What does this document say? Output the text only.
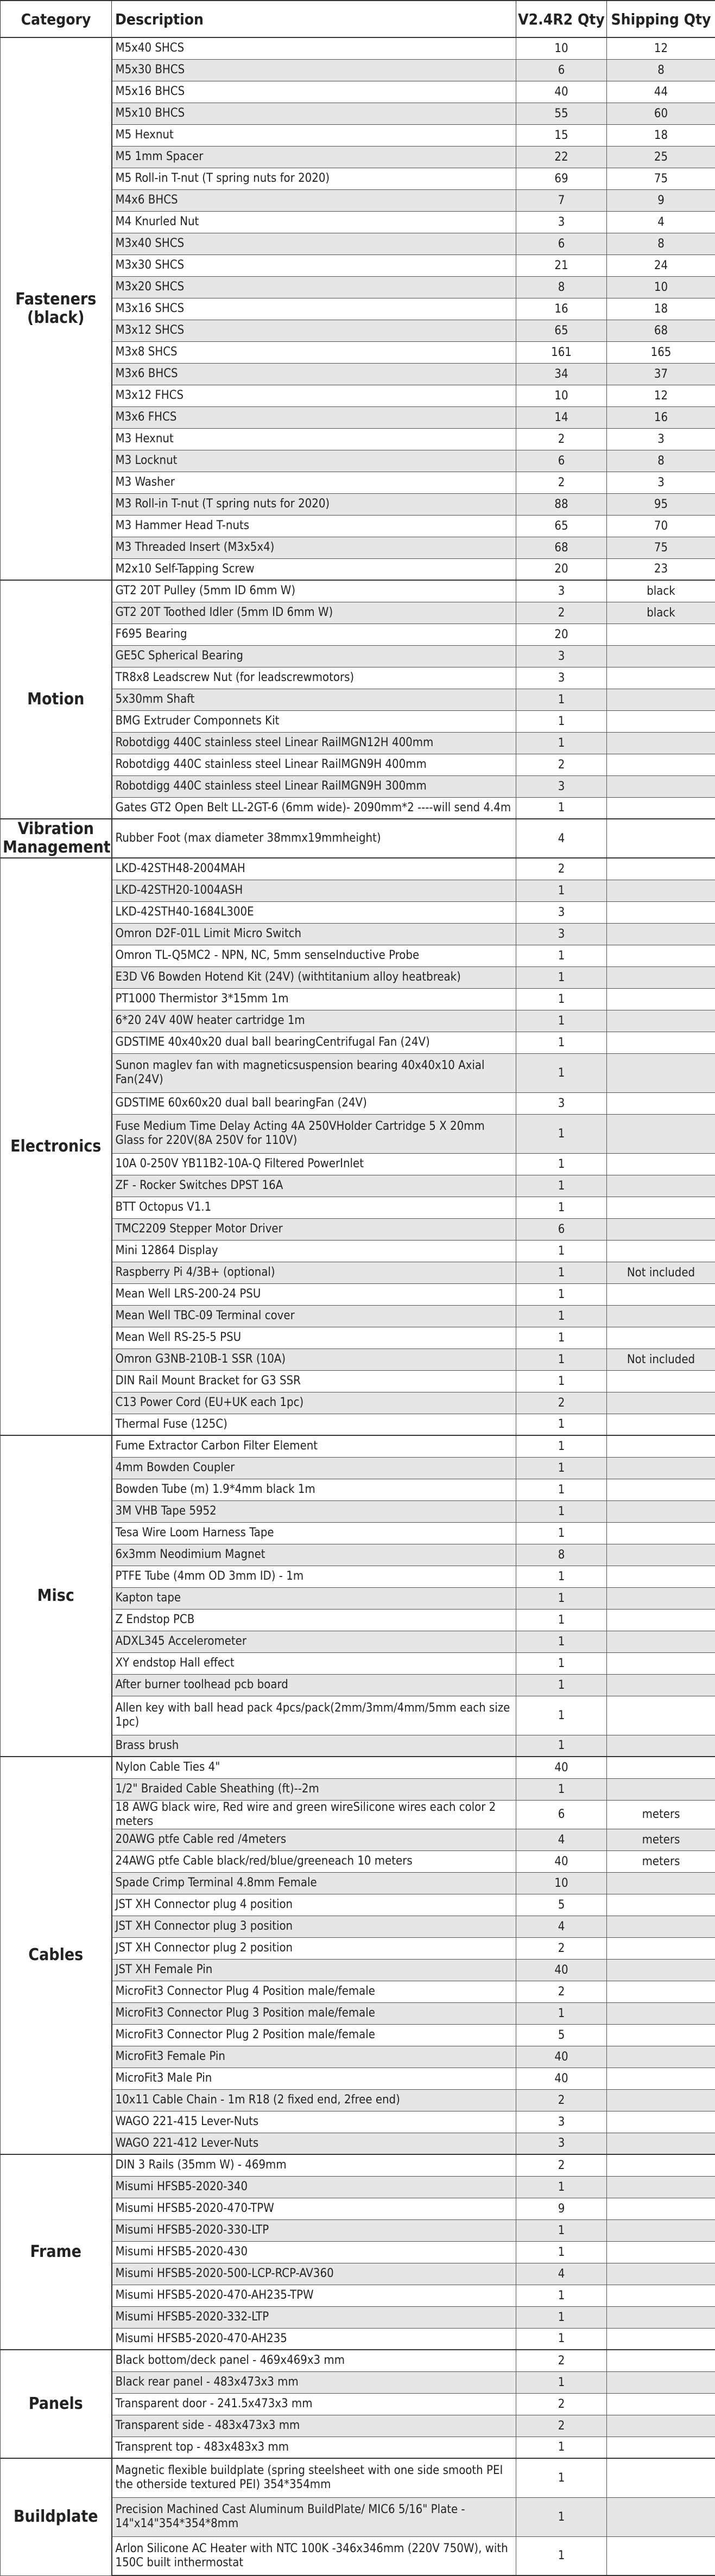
Category	Description	V2.4R2 Qty	Shipping Qty
Fasteners (black)	M5x40 SHCS	10	12
	M5x30 BHCS	6	8
	M5x16 BHCS	40	44
	M5x10 BHCS	55	60
	M5 Hexnut	15	18
	M5 1mm Spacer	22	25
	M5 Roll-in T-nut (T spring nuts for 2020)	69	75
	M4x6 BHCS	7	9
	M4 Knurled Nut	3	4
	M3x40 SHCS	6	8
	M3x30 SHCS	21	24
	M3x20 SHCS	8	10
	M3x16 SHCS	16	18
	M3x12 SHCS	65	68
	M3x8 SHCS	161	165
	M3x6 BHCS	34	37
	M3x12 FHCS	10	12
	M3x6 FHCS	14	16
	M3 Hexnut	2	3
	M3 Locknut	6	8
	M3 Washer	2	3
	M3 Roll-in T-nut (T spring nuts for 2020)	88	95
	M3 Hammer Head T-nuts	65	70
	M3 Threaded Insert (M3x5x4)	68	75
	M2x10 Self-Tapping Screw	20	23
Motion	GT2 20T Pulley (5mm ID 6mm W)	3	black
	GT2 20T Toothed Idler (5mm ID 6mm W)	2	black
	F695 Bearing	20	
	GE5C Spherical Bearing	3	
	TR8x8 Leadscrew Nut (for leadscrewmotors)	3	
	5x30mm Shaft	1	
	BMG Extruder Componnets Kit	1	
	Robotdigg 440C stainless steel Linear RailMGN12H 400mm	1	
	Robotdigg 440C stainless steel Linear RailMGN9H 400mm	2	
	Robotdigg 440C stainless steel Linear RailMGN9H 300mm	3	
	Gates GT2 Open Belt LL-2GT-6 (6mm wide)- 2090mm*2 ----will send 4.4m	1	
Vibration Management	Rubber Foot (max diameter 38mmx19mmheight)	4	
Electronics	LKD-42STH48-2004MAH	2	
	LKD-42STH20-1004ASH	1	
	LKD-42STH40-1684L300E	3	
	Omron D2F-01L Limit Micro Switch	3	
	Omron TL-Q5MC2 - NPN, NC, 5mm senseInductive Probe	1	
	E3D V6 Bowden Hotend Kit (24V) (withtitanium alloy heatbreak)	1	
	PT1000 Thermistor 3*15mm 1m	1	
	6*20 24V 40W heater cartridge 1m	1	
	GDSTIME 40x40x20 dual ball bearingCentrifugal Fan (24V)	1	
	Sunon maglev fan with magneticsuspension bearing 40x40x10 Axial Fan(24V)	1	
	GDSTIME 60x60x20 dual ball bearingFan (24V)	3	
	Fuse Medium Time Delay Acting 4A 250VHolder Cartridge 5 X 20mm Glass for 220V(8A 250V for 110V)	1	
	10A 0-250V YB11B2-10A-Q Filtered PowerInlet	1	
	ZF - Rocker Switches DPST 16A	1	
	BTT Octopus V1.1	1	
	TMC2209 Stepper Motor Driver	6	
	Mini 12864 Display	1	
	Raspberry Pi 4/3B+ (optional)	1	Not included
	Mean Well LRS-200-24 PSU	1	
	Mean Well TBC-09 Terminal cover	1	
	Mean Well RS-25-5 PSU	1	
	Omron G3NB-210B-1 SSR (10A)	1	Not included
	DIN Rail Mount Bracket for G3 SSR	1	
	C13 Power Cord (EU+UK each 1pc)	2	
	Thermal Fuse (125C)	1	
Misc	Fume Extractor Carbon Filter Element	1	
	4mm Bowden Coupler	1	
	Bowden Tube (m) 1.9*4mm black 1m	1	
	3M VHB Tape 5952	1	
	Tesa Wire Loom Harness Tape	1	
	6x3mm Neodimium Magnet	8	
	PTFE Tube (4mm OD 3mm ID) - 1m	1	
	Kapton tape	1	
	Z Endstop PCB	1	
	ADXL345 Accelerometer	1	
	XY endstop Hall effect	1	
	After burner toolhead pcb board	1	
	Allen key with ball head pack 4pcs/pack(2mm/3mm/4mm/5mm each size 1pc)	1	
	Brass brush	1	
Cables	Nylon Cable Ties 4"	40	
	1/2" Braided Cable Sheathing (ft)--2m	1	
	18 AWG black wire, Red wire and green wireSilicone wires each color 2 meters	6	meters
	20AWG ptfe Cable red /4meters	4	meters
	24AWG ptfe Cable black/red/blue/greeneach 10 meters	40	meters
	Spade Crimp Terminal 4.8mm Female	10	
	JST XH Connector plug 4 position	5	
	JST XH Connector plug 3 position	4	
	JST XH Connector plug 2 position	2	
	JST XH Female Pin	40	
	MicroFit3 Connector Plug 4 Position male/female	2	
	MicroFit3 Connector Plug 3 Position male/female	1	
	MicroFit3 Connector Plug 2 Position male/female	5	
	MicroFit3 Female Pin	40	
	MicroFit3 Male Pin	40	
	10x11 Cable Chain - 1m R18 (2 fixed end, 2free end)	2	
	WAGO 221-415 Lever-Nuts	3	
	WAGO 221-412 Lever-Nuts	3	
Frame	DIN 3 Rails (35mm W) - 469mm	2	
	Misumi HFSB5-2020-340	1	
	Misumi HFSB5-2020-470-TPW	9	
	Misumi HFSB5-2020-330-LTP	1	
	Misumi HFSB5-2020-430	1	
	Misumi HFSB5-2020-500-LCP-RCP-AV360	4	
	Misumi HFSB5-2020-470-AH235-TPW	1	
	Misumi HFSB5-2020-332-LTP	1	
	Misumi HFSB5-2020-470-AH235	1	
Panels	Black bottom/deck panel - 469x469x3 mm	2	
	Black rear panel - 483x473x3 mm	1	
	Transparent door - 241.5x473x3 mm	2	
	Transparent side - 483x473x3 mm	2	
	Transprent top - 483x483x3 mm	1	
Buildplate	Magnetic flexible buildplate (spring steelsheet with one side smooth PEI the otherside textured PEI) 354*354mm	1	
	Precision Machined Cast Aluminum BuildPlate/ MIC6 5/16" Plate - 14"x14"354*354*8mm	1	
	Arlon Silicone AC Heater with NTC 100K -346x346mm (220V 750W), with 150C built inthermostat	1	
